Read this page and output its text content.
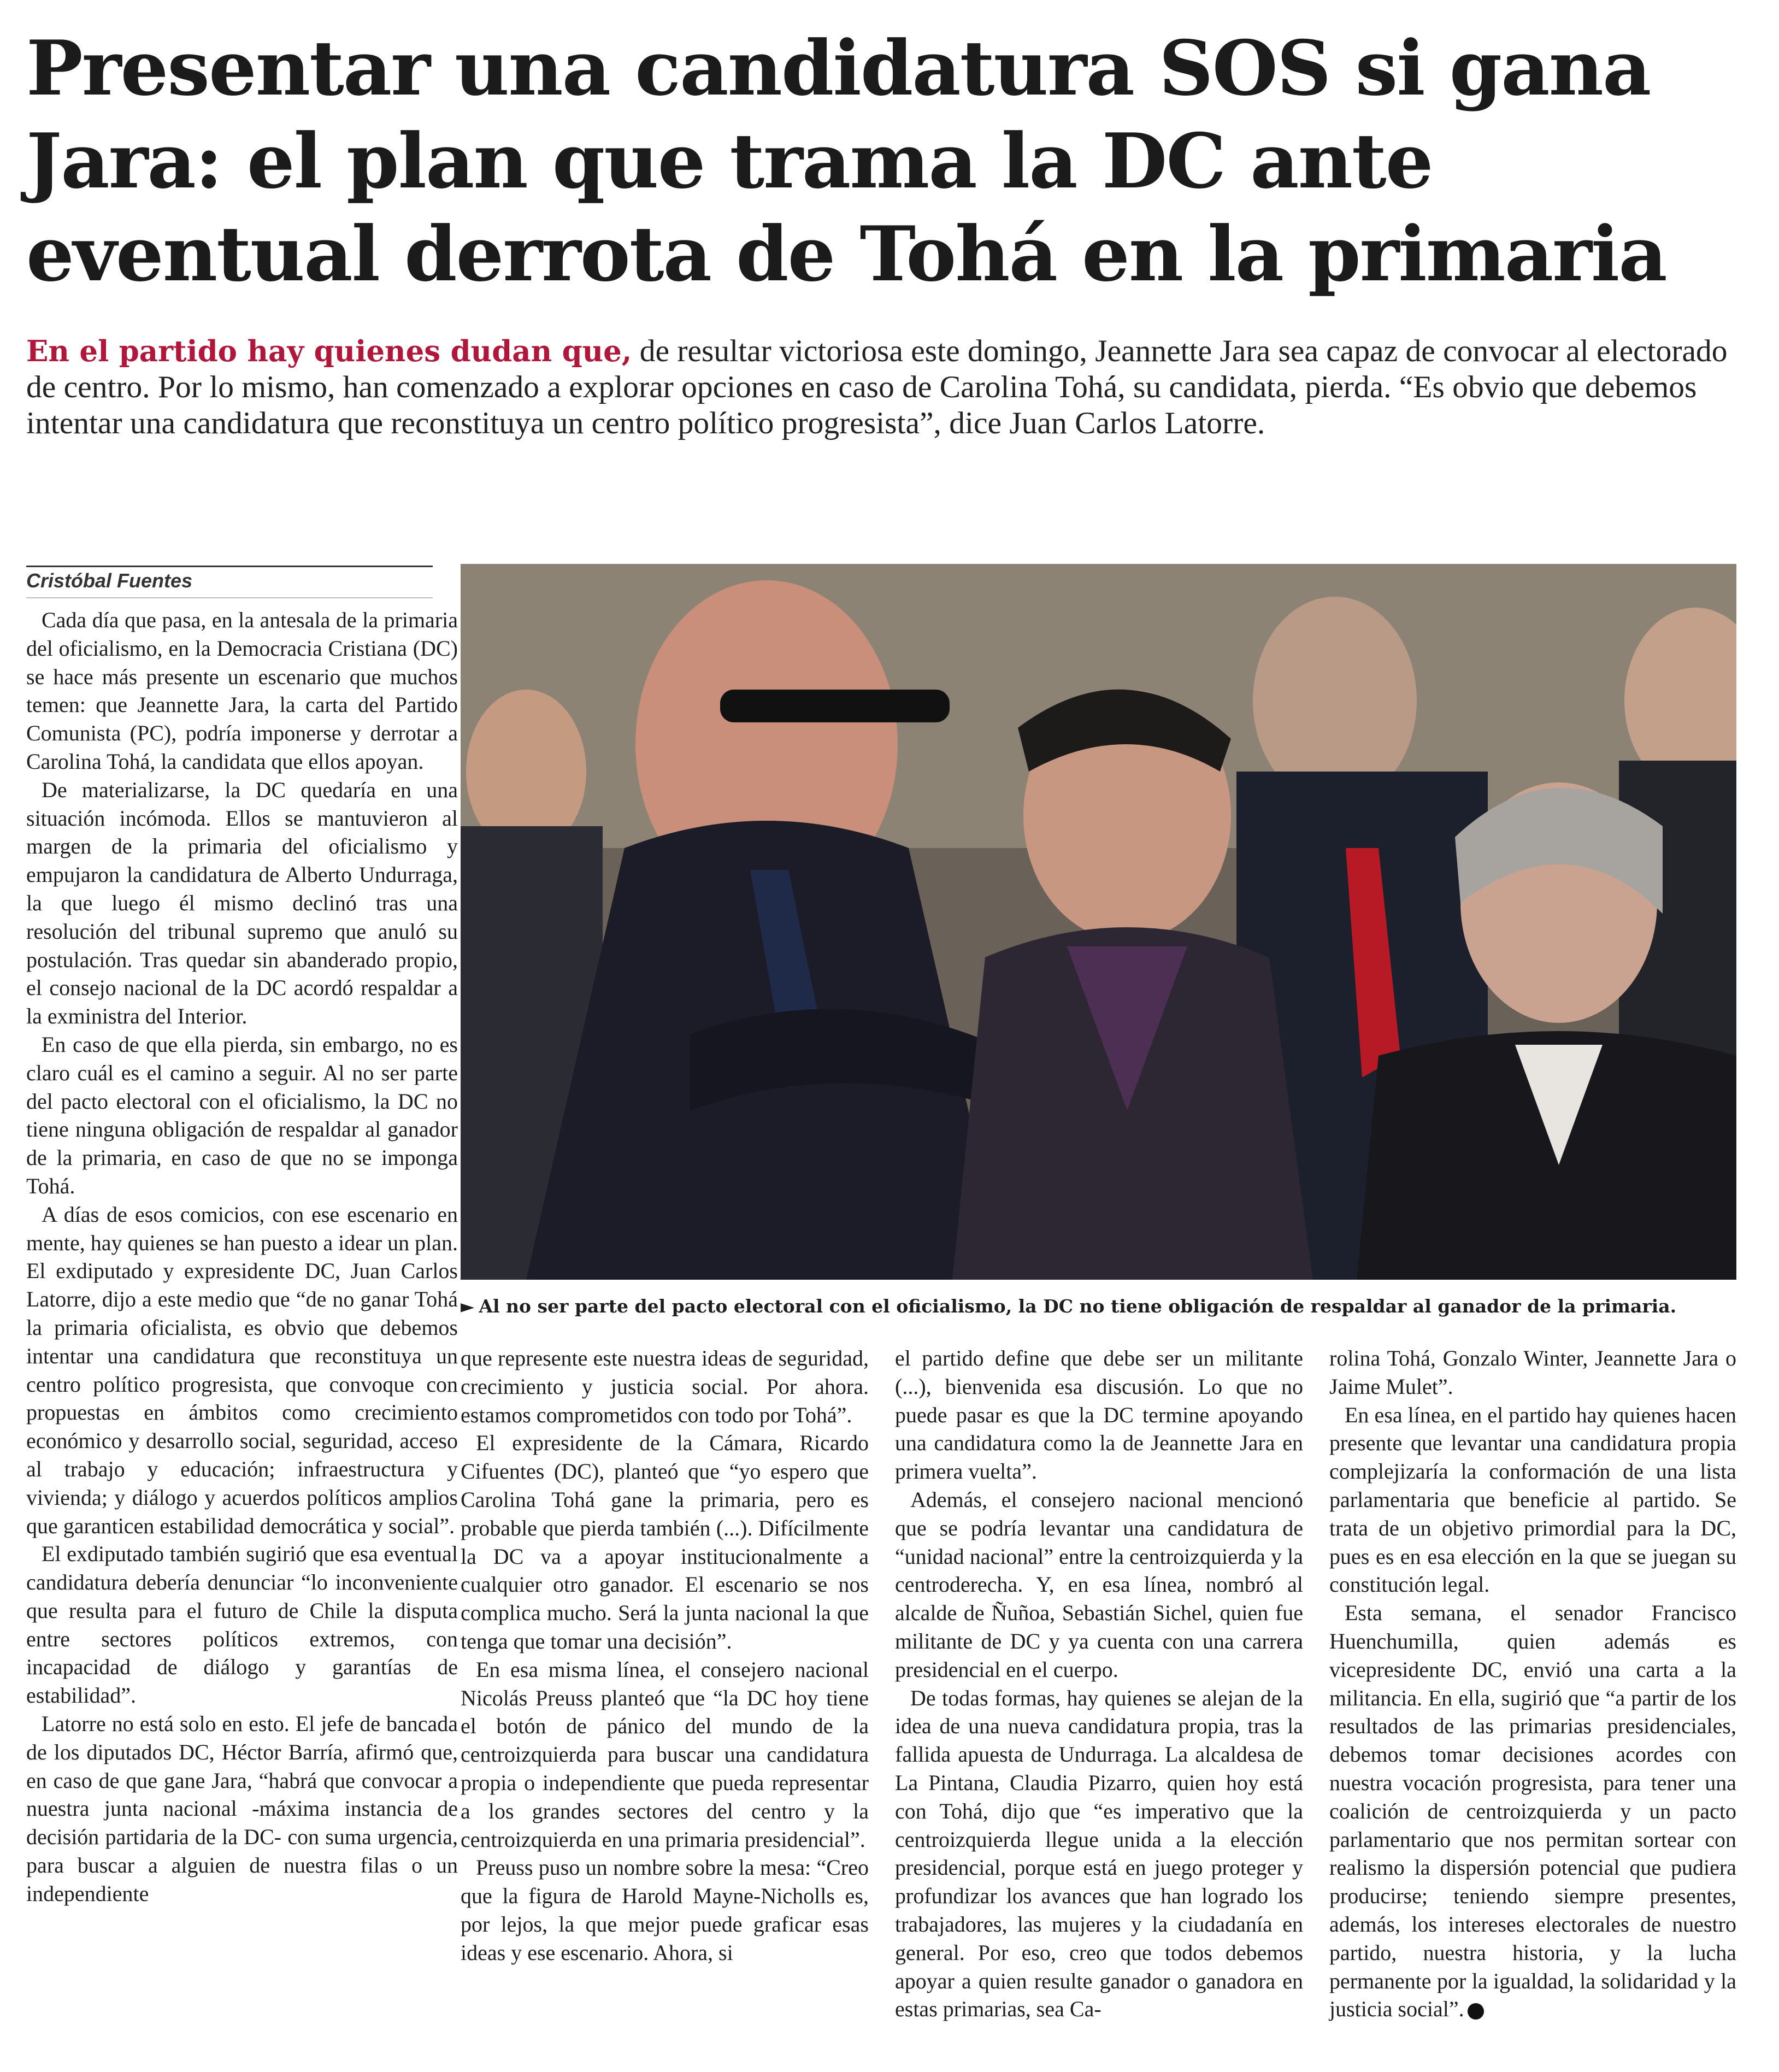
Presentar una candidatura SOS si gana Jara: el plan que trama la DC ante eventual derrota de Tohá en la primaria
En el partido hay quienes dudan que, de resultar victoriosa este domingo, Jeannette Jara sea capaz de convocar al electorado de centro. Por lo mismo, han comenzado a explorar opciones en caso de Carolina Tohá, su candidata, pierda. “Es obvio que debemos intentar una candidatura que reconstituya un centro político progresista”, dice Juan Carlos Latorre.
Cristóbal Fuentes
► Al no ser parte del pacto electoral con el oficialismo, la DC no tiene obligación de respaldar al ganador de la primaria.

Cada día que pasa, en la antesala de la primaria del oficialismo, en la Democracia Cristiana (DC) se hace más presente un escenario que muchos temen: que Jeannette Jara, la carta del Partido Comunista (PC), podría imponerse y derrotar a Carolina Tohá, la candidata que ellos apoyan.

De materializarse, la DC quedaría en una situación incómoda. Ellos se mantuvieron al margen de la primaria del oficialismo y empujaron la candidatura de Alberto Undurraga, la que luego él mismo declinó tras una resolución del tribunal supremo que anuló su postulación. Tras quedar sin abanderado propio, el consejo nacional de la DC acordó respaldar a la exministra del Interior.

En caso de que ella pierda, sin embargo, no es claro cuál es el camino a seguir. Al no ser parte del pacto electoral con el oficialismo, la DC no tiene ninguna obligación de respaldar al ganador de la primaria, en caso de que no se imponga Tohá.

A días de esos comicios, con ese escenario en mente, hay quienes se han puesto a idear un plan. El exdiputado y expresidente DC, Juan Carlos Latorre, dijo a este medio que “de no ganar Tohá la primaria oficialista, es obvio que debemos intentar una candidatura que reconstituya un centro político progresista, que convoque con propuestas en ámbitos como crecimiento económico y desarrollo social, seguridad, acceso al trabajo y educación; infraestructura y vivienda; y diálogo y acuerdos políticos amplios que garanticen estabilidad democrática y social”.

El exdiputado también sugirió que esa eventual candidatura debería denunciar “lo inconveniente que resulta para el futuro de Chile la disputa entre sectores políticos extremos, con incapacidad de diálogo y garantías de estabilidad”.

Latorre no está solo en esto. El jefe de bancada de los diputados DC, Héctor Barría, afirmó que, en caso de que gane Jara, “habrá que convocar a nuestra junta nacional -máxima instancia de decisión partidaria de la DC- con suma urgencia, para buscar a alguien de nuestra filas o un independiente

que represente este nuestra ideas de seguridad, crecimiento y justicia social. Por ahora. estamos comprometidos con todo por Tohá”.

El expresidente de la Cámara, Ricardo Cifuentes (DC), planteó que “yo espero que Carolina Tohá gane la primaria, pero es probable que pierda también (...). Difícilmente la DC va a apoyar institucionalmente a cualquier otro ganador. El escenario se nos complica mucho. Será la junta nacional la que tenga que tomar una decisión”.

En esa misma línea, el consejero nacional Nicolás Preuss planteó que “la DC hoy tiene el botón de pánico del mundo de la centroizquierda para buscar una candidatura propia o independiente que pueda representar a los grandes sectores del centro y la centroizquierda en una primaria presidencial”.

Preuss puso un nombre sobre la mesa: “Creo que la figura de Harold Mayne-Nicholls es, por lejos, la que mejor puede graficar esas ideas y ese escenario. Ahora, si

el partido define que debe ser un militante (...), bienvenida esa discusión. Lo que no puede pasar es que la DC termine apoyando una candidatura como la de Jeannette Jara en primera vuelta”.

Además, el consejero nacional mencionó que se podría levantar una candidatura de “unidad nacional” entre la centroizquierda y la centroderecha. Y, en esa línea, nombró al alcalde de Ñuñoa, Sebastián Sichel, quien fue militante de DC y ya cuenta con una carrera presidencial en el cuerpo.

De todas formas, hay quienes se alejan de la idea de una nueva candidatura propia, tras la fallida apuesta de Undurraga. La alcaldesa de La Pintana, Claudia Pizarro, quien hoy está con Tohá, dijo que “es imperativo que la centroizquierda llegue unida a la elección presidencial, porque está en juego proteger y profundizar los avances que han logrado los trabajadores, las mujeres y la ciudadanía en general. Por eso, creo que todos debemos apoyar a quien resulte ganador o ganadora en estas primarias, sea Ca-

rolina Tohá, Gonzalo Winter, Jeannette Jara o Jaime Mulet”.

En esa línea, en el partido hay quienes hacen presente que levantar una candidatura propia complejizaría la conformación de una lista parlamentaria que beneficie al partido. Se trata de un objetivo primordial para la DC, pues es en esa elección en la que se juegan su constitución legal.

Esta semana, el senador Francisco Huenchumilla, quien además es vicepresidente DC, envió una carta a la militancia. En ella, sugirió que “a partir de los resultados de las primarias presidenciales, debemos tomar decisiones acordes con nuestra vocación progresista, para tener una coalición de centroizquierda y un pacto parlamentario que nos permitan sortear con realismo la dispersión potencial que pudiera producirse; teniendo siempre presentes, además, los intereses electorales de nuestro partido, nuestra historia, y la lucha permanente por la igualdad, la solidaridad y la justicia social”.
